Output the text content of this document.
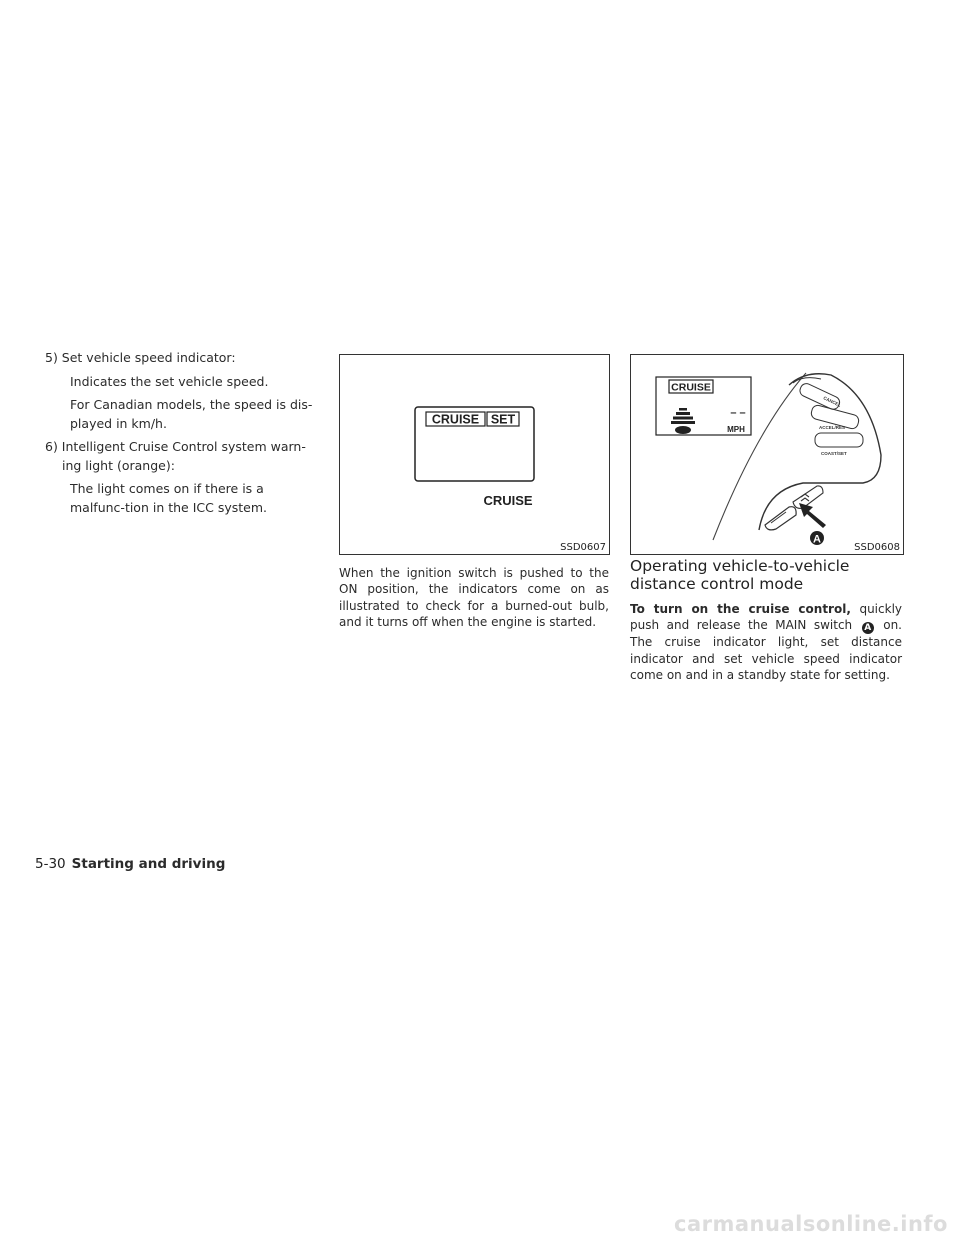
5) Set vehicle speed indicator:

Indicates the set vehicle speed.

For Canadian models, the speed is dis-played in km/h.

6) Intelligent Cruise Control system warn-ing light (orange):

The light comes on if there is a malfunc-tion in the ICC system.

CRUISE SET
CRUISE
SSD0607
CRUISE
– –
MPH
CANCEL
ACCEL/RES
COAST/SET
A
SSD0608
When the ignition switch is pushed to the ON position, the indicators come on as illustrated to check for a burned-out bulb, and it turns off when the engine is started.
Operating vehicle-to-vehicle distance control mode

To turn on the cruise control, quickly push and release the MAIN switch A on. The cruise indicator light, set distance indicator and set vehicle speed indicator come on and in a standby state for setting.

5-30 Starting and driving
carmanualsonline.info
